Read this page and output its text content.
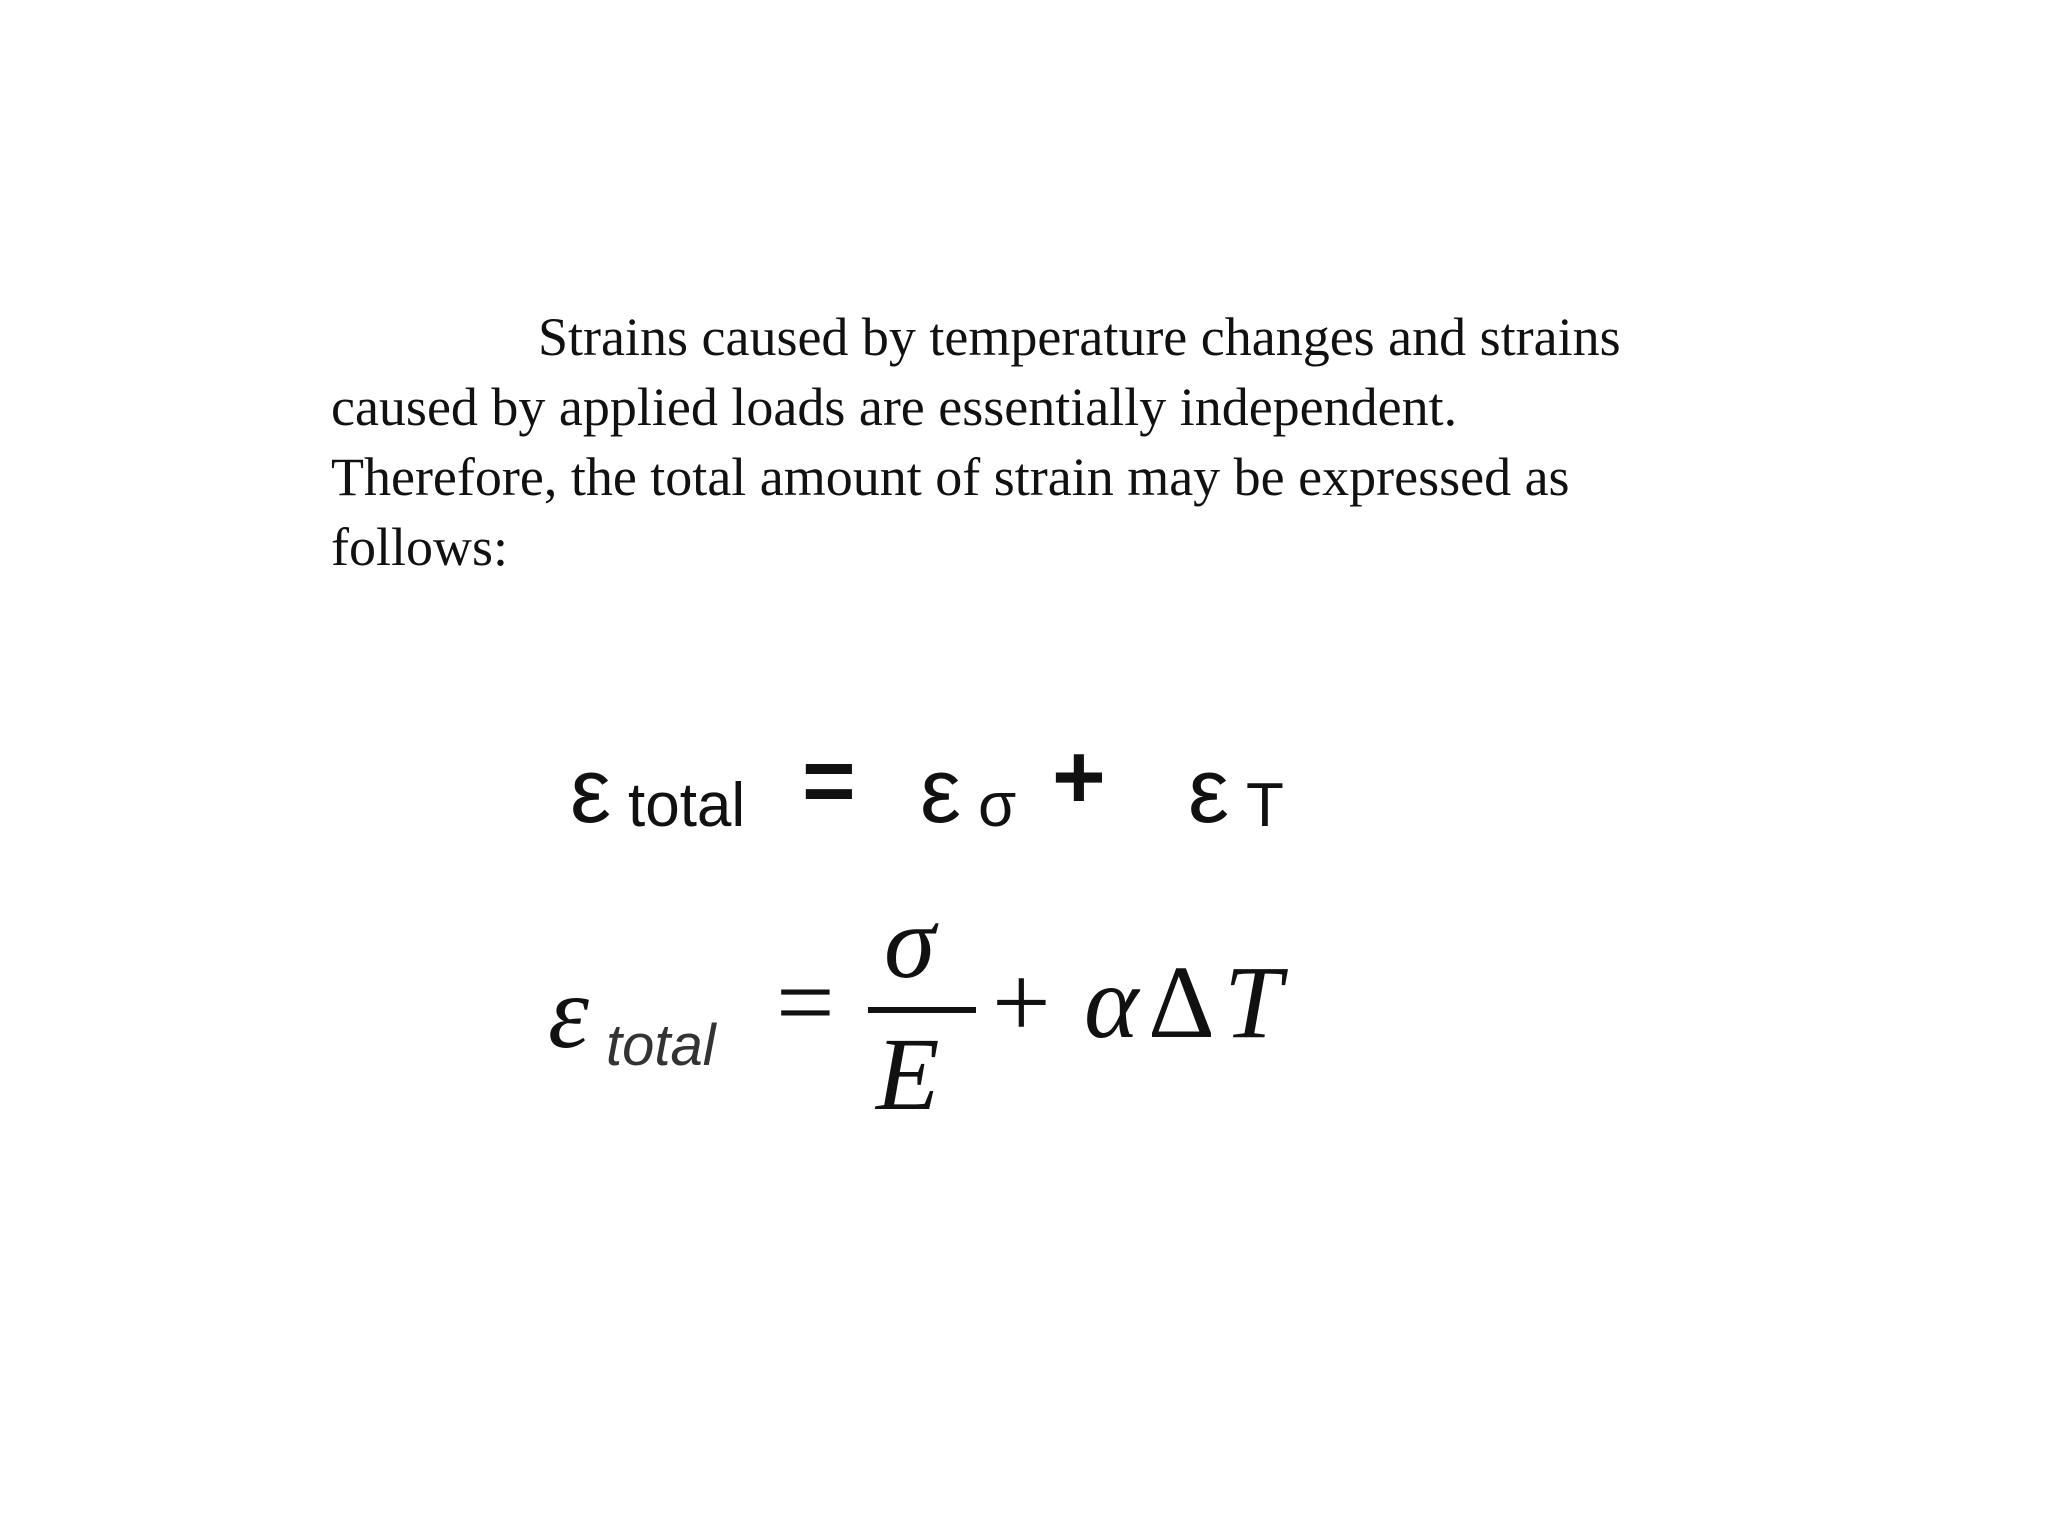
Strains caused by temperature changes and strains
caused by applied loads are essentially independent.
Therefore, the total amount of strain may be expressed as
follows:

ε total = ε σ + ε T
ε total =
σ
E
+ α Δ T
